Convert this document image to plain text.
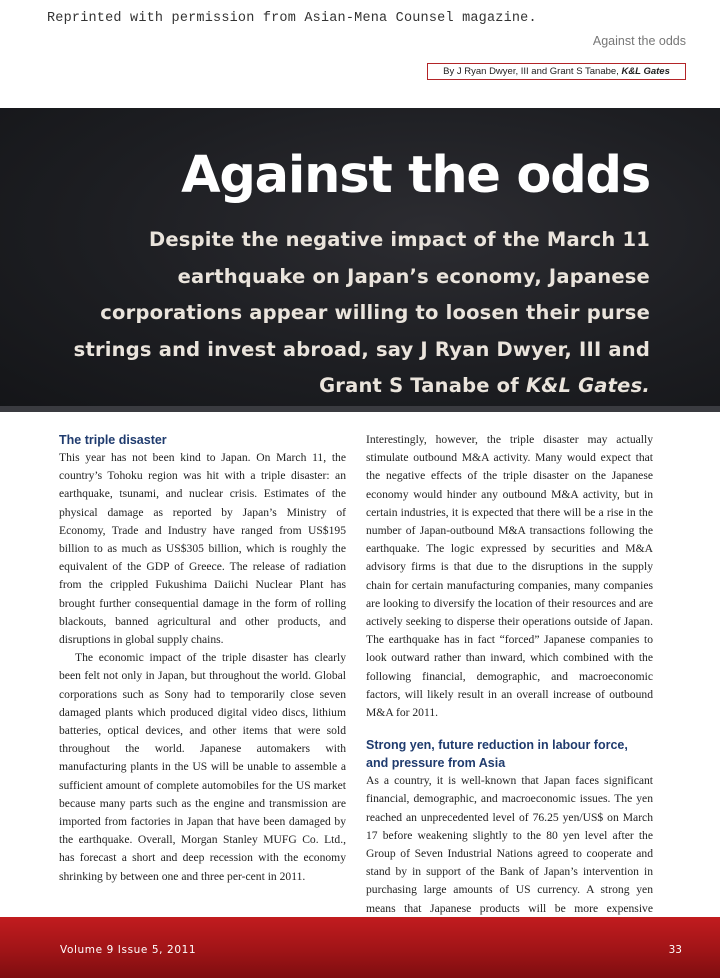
Reprinted with permission from Asian-Mena Counsel magazine.
Against the odds
By J Ryan Dwyer, III and Grant S Tanabe, K&L Gates
Against the odds
Despite the negative impact of the March 11 earthquake on Japan’s economy, Japanese corporations appear willing to loosen their purse strings and invest abroad, say J Ryan Dwyer, III and Grant S Tanabe of K&L Gates.
The triple disaster

This year has not been kind to Japan. On March 11, the country’s Tohoku region was hit with a triple disaster: an earthquake, tsunami, and nuclear crisis. Estimates of the physical damage as reported by Japan’s Ministry of Economy, Trade and Industry have ranged from US$195 billion to as much as US$305 billion, which is roughly the equivalent of the GDP of Greece. The release of radiation from the crippled Fukushima Daiichi Nuclear Plant has brought further consequential damage in the form of rolling blackouts, banned agricultural and other products, and disruptions in global supply chains.

The economic impact of the triple disaster has clearly been felt not only in Japan, but throughout the world. Global corporations such as Sony had to temporarily close seven damaged plants which produced digital video discs, lithium batteries, optical devices, and other items that were sold throughout the world. Japanese automakers with manufacturing plants in the US will be unable to assemble a sufficient amount of complete automobiles for the US market because many parts such as the engine and transmission are imported from factories in Japan that have been damaged by the earthquake. Overall, Morgan Stanley MUFG Co. Ltd., has forecast a short and deep recession with the economy shrinking by between one and three per-cent in 2011.

Interestingly, however, the triple disaster may actually stimulate outbound M&A activity. Many would expect that the negative effects of the triple disaster on the Japanese economy would hinder any outbound M&A activity, but in certain industries, it is expected that there will be a rise in the number of Japan-outbound M&A transactions following the earthquake. The logic expressed by securities and M&A advisory firms is that due to the disruptions in the supply chain for certain manufacturing companies, many companies are looking to diversify the location of their resources and are actively seeking to disperse their operations outside of Japan. The earthquake has in fact “forced” Japanese companies to look outward rather than inward, which combined with the following financial, demographic, and macroeconomic factors, will likely result in an overall increase of outbound M&A for 2011.

Strong yen, future reduction in labour force, and pressure from Asia

As a country, it is well-known that Japan faces significant financial, demographic, and macroeconomic issues. The yen reached an unprecedented level of 76.25 yen/US$ on March 17 before weakening slightly to the 80 yen level after the Group of Seven Industrial Nations agreed to cooperate and stand by in support of the Bank of Japan’s intervention in purchasing large amounts of US currency. A strong yen means that Japanese products will be more expensive

Volume 9 Issue 5, 2011	33
